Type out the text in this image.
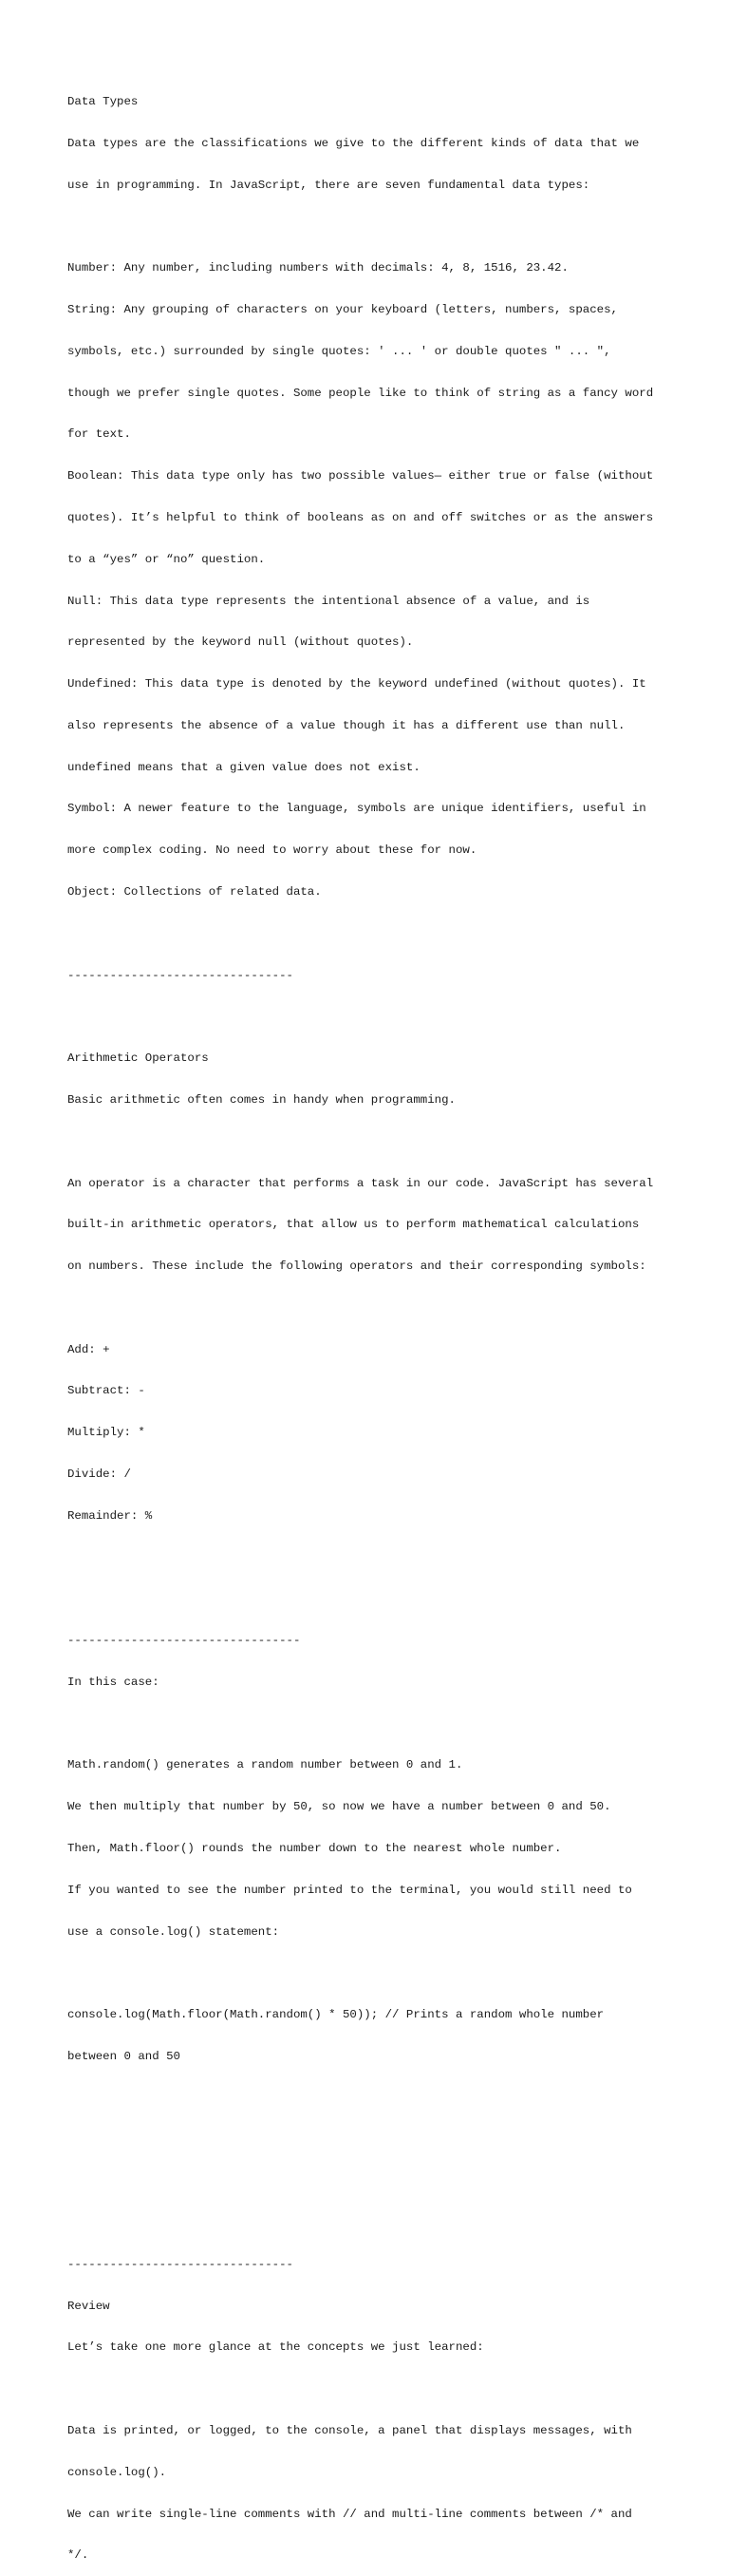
Data Types

Data types are the classifications we give to the different kinds of data that we

use in programming. In JavaScript, there are seven fundamental data types:

Number: Any number, including numbers with decimals: 4, 8, 1516, 23.42.

String: Any grouping of characters on your keyboard (letters, numbers, spaces,

symbols, etc.) surrounded by single quotes: ' ... ' or double quotes " ... ",

though we prefer single quotes. Some people like to think of string as a fancy word

for text.

Boolean: This data type only has two possible values— either true or false (without

quotes). It’s helpful to think of booleans as on and off switches or as the answers

to a “yes” or “no” question.

Null: This data type represents the intentional absence of a value, and is

represented by the keyword null (without quotes).

Undefined: This data type is denoted by the keyword undefined (without quotes). It

also represents the absence of a value though it has a different use than null.

undefined means that a given value does not exist.

Symbol: A newer feature to the language, symbols are unique identifiers, useful in

more complex coding. No need to worry about these for now.

Object: Collections of related data.

--------------------------------

Arithmetic Operators

Basic arithmetic often comes in handy when programming.

An operator is a character that performs a task in our code. JavaScript has several

built-in arithmetic operators, that allow us to perform mathematical calculations

on numbers. These include the following operators and their corresponding symbols:

Add: +

Subtract: -

Multiply: *

Divide: /

Remainder: %

---------------------------------

In this case:

Math.random() generates a random number between 0 and 1.

We then multiply that number by 50, so now we have a number between 0 and 50.

Then, Math.floor() rounds the number down to the nearest whole number.

If you wanted to see the number printed to the terminal, you would still need to

use a console.log() statement:

console.log(Math.floor(Math.random() * 50)); // Prints a random whole number

between 0 and 50

--------------------------------

Review

Let’s take one more glance at the concepts we just learned:

Data is printed, or logged, to the console, a panel that displays messages, with

console.log().

We can write single-line comments with // and multi-line comments between /* and

*/.
